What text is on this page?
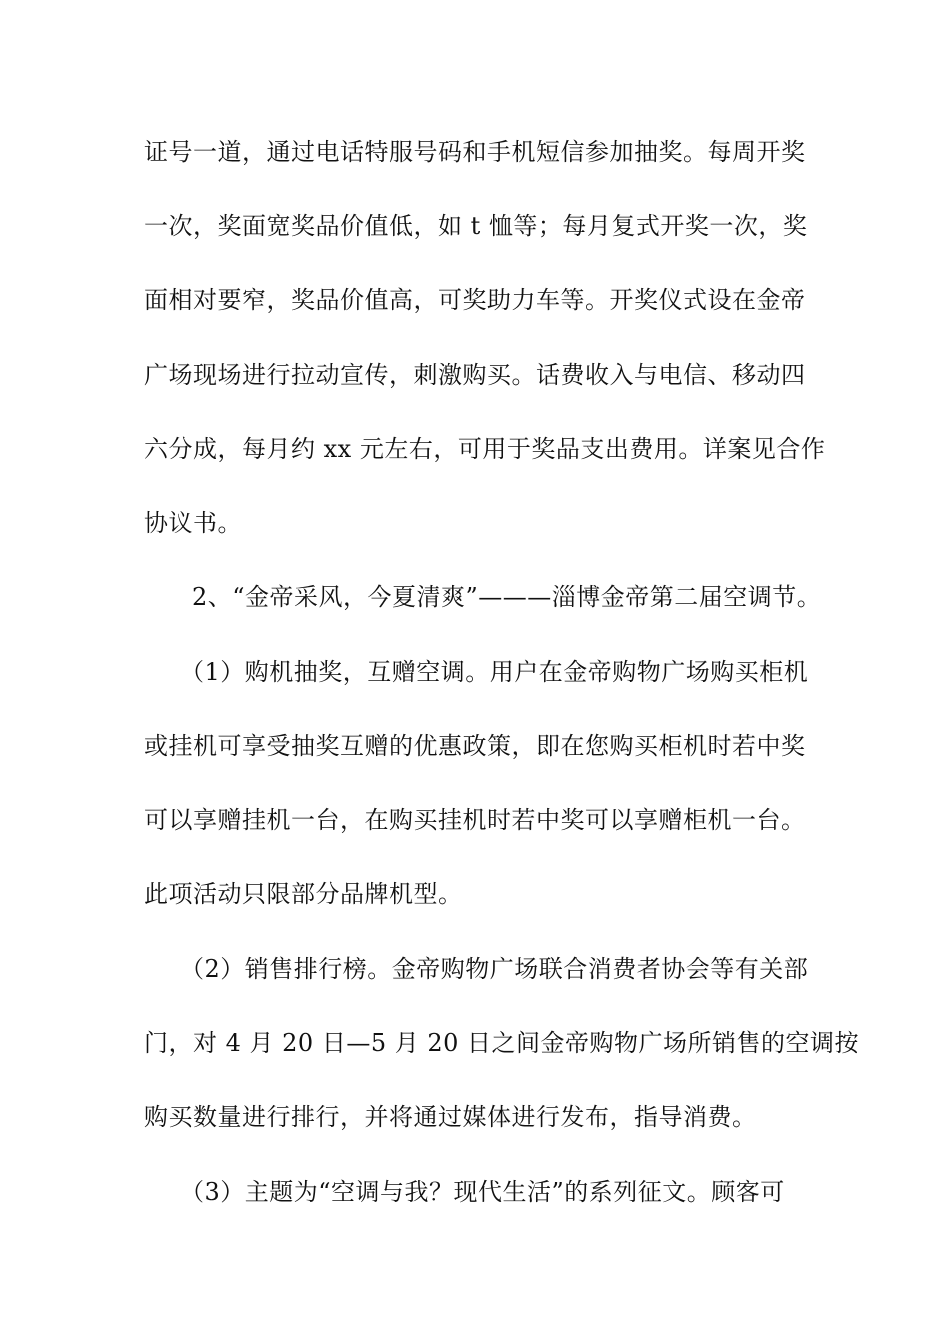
证号一道，通过电话特服号码和手机短信参加抽奖。每周开奖
一次，奖面宽奖品价值低，如 t 恤等；每月复式开奖一次，奖
面相对要窄，奖品价值高，可奖助力车等。开奖仪式设在金帝
广场现场进行拉动宣传，刺激购买。话费收入与电信、移动四
六分成，每月约 xx 元左右，可用于奖品支出费用。详案见合作
协议书。
2、“金帝采风，今夏清爽”———淄博金帝第二届空调节。
（1）购机抽奖，互赠空调。用户在金帝购物广场购买柜机
或挂机可享受抽奖互赠的优惠政策，即在您购买柜机时若中奖
可以享赠挂机一台，在购买挂机时若中奖可以享赠柜机一台。
此项活动只限部分品牌机型。
（2）销售排行榜。金帝购物广场联合消费者协会等有关部
门，对 4 月 20 日—5 月 20 日之间金帝购物广场所销售的空调按
购买数量进行排行，并将通过媒体进行发布，指导消费。
（3）主题为“空调与我？现代生活”的系列征文。顾客可
